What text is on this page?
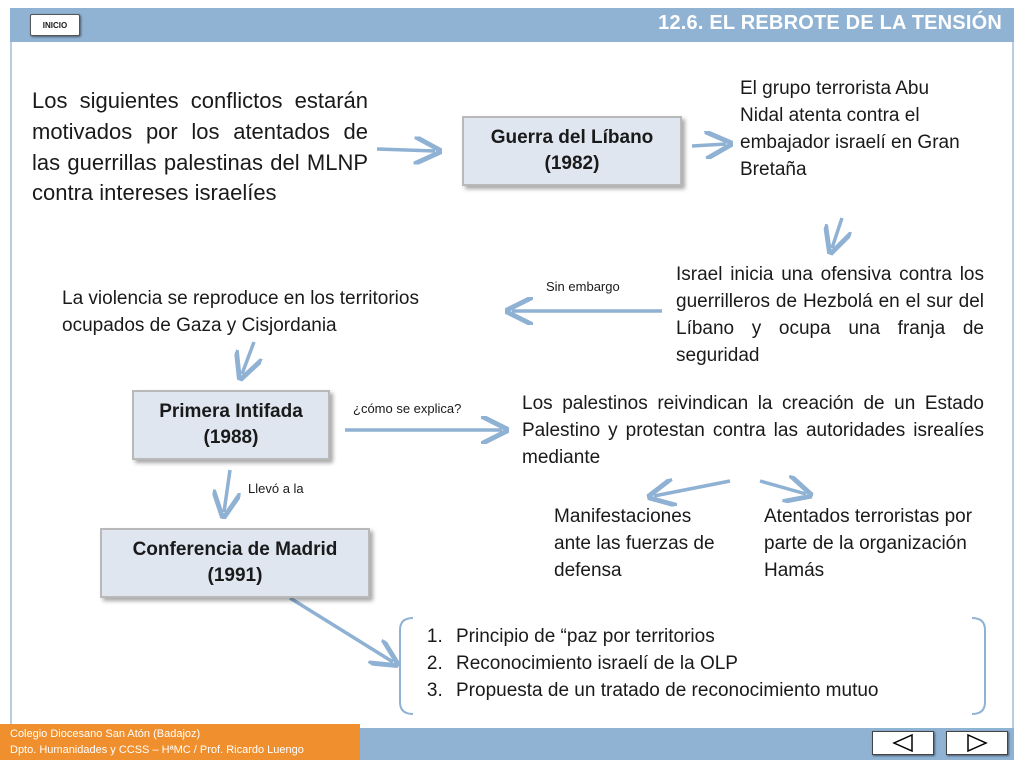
INICIO	12.6. EL REBROTE DE LA TENSIÓN
Los siguientes conflictos estarán motivados por los atentados de las guerrillas palestinas del MLNP contra intereses israelíes
Guerra del Líbano
(1982)
El grupo terrorista Abu Nidal atenta contra el embajador israelí en Gran Bretaña
Israel inicia una ofensiva contra los guerrilleros de Hezbolá en el sur del Líbano y ocupa una franja de seguridad
Sin embargo
La violencia se reproduce en los territorios ocupados de Gaza y Cisjordania
Primera Intifada
(1988)
¿cómo se explica?	Los palestinos reivindican la creación de un Estado Palestino y protestan contra las autoridades isrealíes mediante
Manifestaciones ante las fuerzas de defensa
Atentados terroristas por parte de la organización Hamás
Llevó a la
Conferencia de Madrid
(1991)
1. Principio de “paz por territorios
2. Reconocimiento israelí de la OLP
3. Propuesta de un tratado de reconocimiento mutuo
Colegio Diocesano San Atón (Badajoz)
Dpto. Humanidades y CCSS – HªMC / Prof. Ricardo Luengo
